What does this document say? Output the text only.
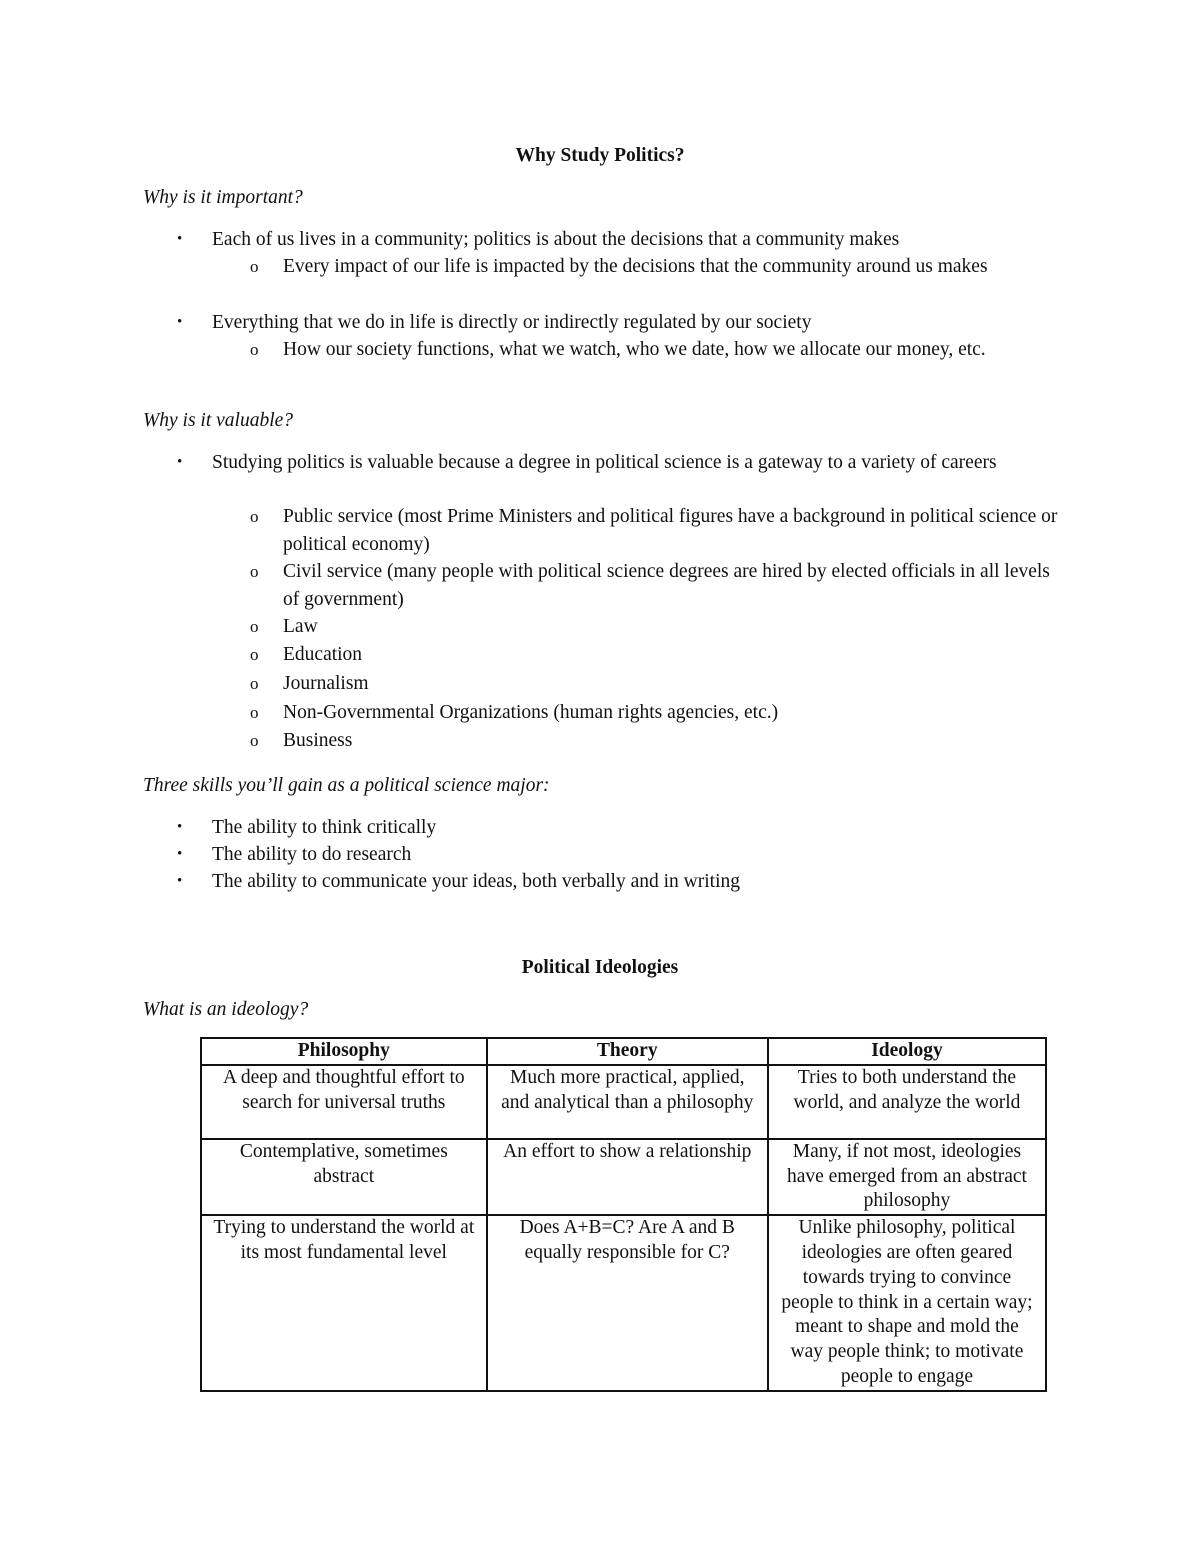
Why Study Politics?
Why is it important?
• Each of us lives in a community; politics is about the decisions that a community makes
o Every impact of our life is impacted by the decisions that the community around us makes
• Everything that we do in life is directly or indirectly regulated by our society
o How our society functions, what we watch, who we date, how we allocate our money, etc.
Why is it valuable?
• Studying politics is valuable because a degree in political science is a gateway to a variety of careers
o Public service (most Prime Ministers and political figures have a background in political science or political economy)
o Civil service (many people with political science degrees are hired by elected officials in all levels of government)
o Law
o Education
o Journalism
o Non-Governmental Organizations (human rights agencies, etc.)
o Business
Three skills you’ll gain as a political science major:
• The ability to think critically
• The ability to do research
• The ability to communicate your ideas, both verbally and in writing
Political Ideologies
What is an ideology?
Philosophy	Theory	Ideology
A deep and thoughtful effort to search for universal truths	Much more practical, applied, and analytical than a philosophy	Tries to both understand the world, and analyze the world
Contemplative, sometimes abstract	An effort to show a relationship	Many, if not most, ideologies have emerged from an abstract philosophy
Trying to understand the world at its most fundamental level	Does A+B=C? Are A and B equally responsible for C?	Unlike philosophy, political ideologies are often geared towards trying to convince people to think in a certain way; meant to shape and mold the way people think; to motivate people to engage
